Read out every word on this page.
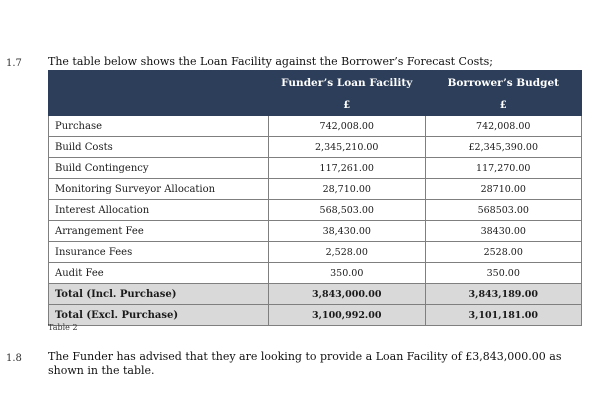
1.7 The table below shows the Loan Facility against the Borrower’s Forecast Costs;
	Funder’s Loan Facility	Borrower’s Budget
	£	£
Purchase	742,008.00	742,008.00
Build Costs	2,345,210.00	£2,345,390.00
Build Contingency	117,261.00	117,270.00
Monitoring Surveyor Allocation	28,710.00	28710.00
Interest Allocation	568,503.00	568503.00
Arrangement Fee	38,430.00	38430.00
Insurance Fees	2,528.00	2528.00
Audit Fee	350.00	350.00
Total (Incl. Purchase)	3,843,000.00	3,843,189.00
Total (Excl. Purchase)	3,100,992.00	3,101,181.00
Table 2
1.8 The Funder has advised that they are looking to provide a Loan Facility of £3,843,000.00 as shown in the table.
